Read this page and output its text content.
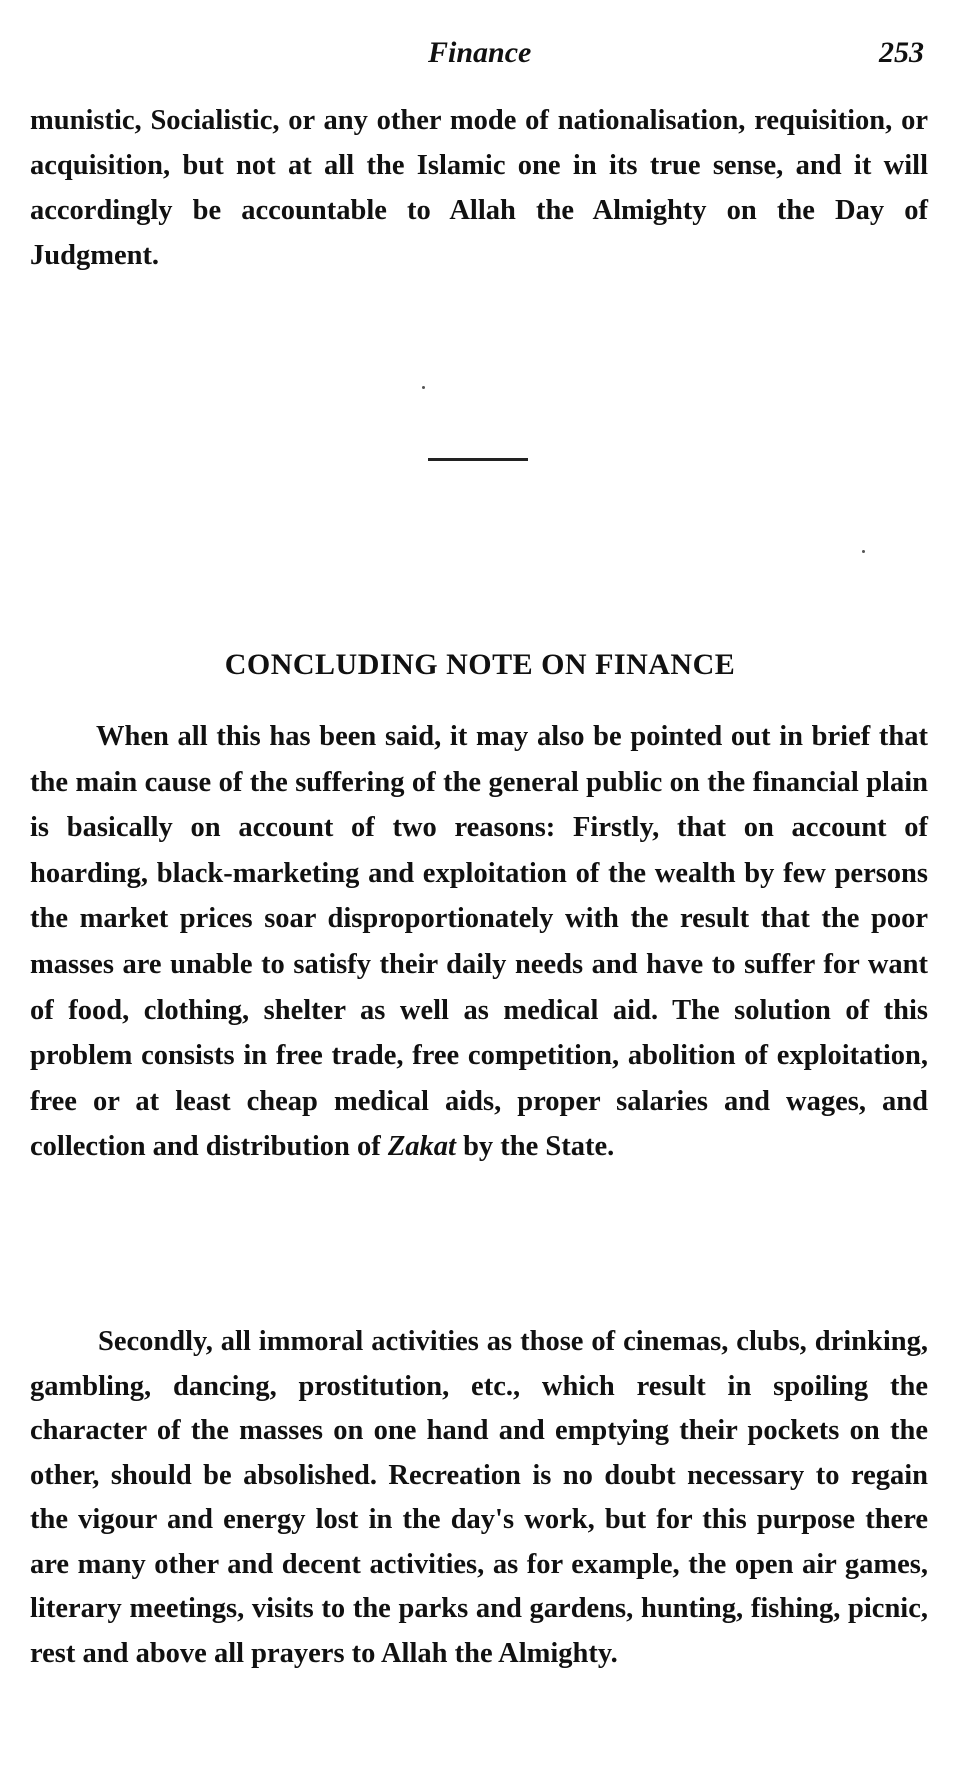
Finance	253

munistic, Socialistic, or any other mode of nationalisation, requisition, or acquisition, but not at all the Islamic one in its true sense, and it will accordingly be accountable to Allah the Almighty on the Day of Judgment.

CONCLUDING NOTE ON FINANCE

When all this has been said, it may also be pointed out in brief that the main cause of the suffering of the general public on the financial plain is basically on account of two reasons: Firstly, that on account of hoarding, black-marketing and exploitation of the wealth by few persons the market prices soar disproportionately with the result that the poor masses are unable to satisfy their daily needs and have to suffer for want of food, clothing, shelter as well as medical aid. The solution of this problem consists in free trade, free competition, abolition of exploitation, free or at least cheap medical aids, proper salaries and wages, and collection and distribution of Zakat by the State.

Secondly, all immoral activities as those of cinemas, clubs, drinking, gambling, dancing, prostitution, etc., which result in spoiling the character of the masses on one hand and emptying their pockets on the other, should be absolished. Recreation is no doubt necessary to regain the vigour and energy lost in the day's work, but for this purpose there are many other and decent activities, as for example, the open air games, literary meetings, visits to the parks and gardens, hunting, fishing, picnic, rest and above all prayers to Allah the Almighty.
